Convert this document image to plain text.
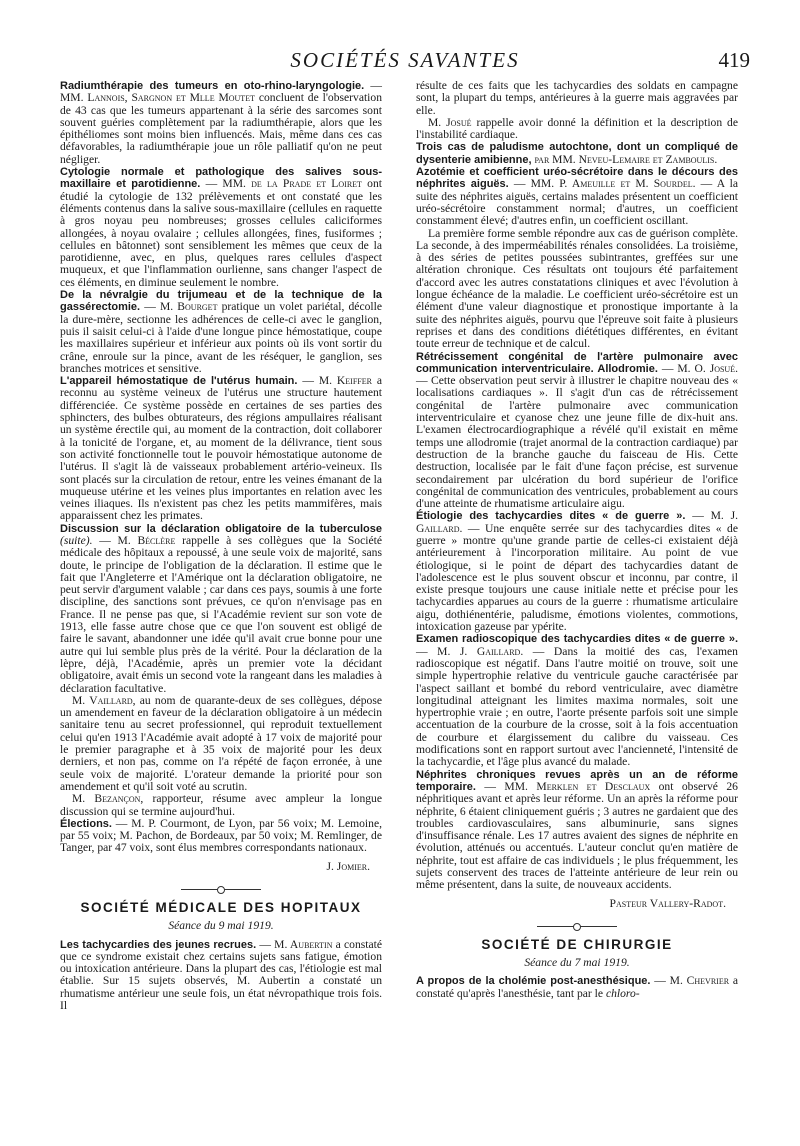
SOCIÉTÉS SAVANTES	419

Radiumthérapie des tumeurs en oto-rhino-laryngologie. — MM. Lannois, Sargnon et Mlle Moutet concluent de l'observation de 43 cas que les tumeurs appartenant à la série des sarcomes sont souvent guéries complètement par la radiumthérapie, alors que les épithéliomes sont moins bien influencés. Mais, même dans ces cas défavorables, la radiumthérapie joue un rôle palliatif qu'on ne peut négliger.

Cytologie normale et pathologique des salives sous-maxillaire et parotidienne. — MM. de la Prade et Loiret ont étudié la cytologie de 132 prélèvements et ont constaté que les éléments contenus dans la salive sous-maxillaire (cellules en raquette à gros noyau peu nombreuses; grosses cellules caliciformes allongées, à noyau ovalaire ; cellules allongées, fines, fusiformes ; cellules en bâtonnet) sont sensiblement les mêmes que ceux de la parotidienne, avec, en plus, quelques rares cellules d'aspect muqueux, et que l'inflammation ourlienne, sans changer l'aspect de ces éléments, en diminue seulement le nombre.

De la névralgie du trijumeau et de la technique de la gassérectomie. — M. Bourget pratique un volet pariétal, décolle la dure-mère, sectionne les adhérences de celle-ci avec le ganglion, puis il saisit celui-ci à l'aide d'une longue pince hémostatique, coupe les maxillaires supérieur et inférieur aux points où ils vont sortir du crâne, enroule sur la pince, avant de les réséquer, le ganglion, ses branches motrices et sensitive.

L'appareil hémostatique de l'utérus humain. — M. Keiffer a reconnu au système veineux de l'utérus une structure hautement différenciée. Ce système possède en certaines de ses parties des sphincters, des bulbes obturateurs, des régions ampullaires réalisant un système érectile qui, au moment de la contraction, doit collaborer à la tonicité de l'organe, et, au moment de la délivrance, tient sous son activité fonctionnelle tout le pouvoir hémostatique autonome de l'utérus. Il s'agit là de vaisseaux probablement artério-veineux. Ils sont placés sur la circulation de retour, entre les veines émanant de la muqueuse utérine et les veines plus importantes en relation avec les veines iliaques. Ils n'existent pas chez les petits mammifères, mais apparaissent chez les primates.

Discussion sur la déclaration obligatoire de la tuberculose (suite). — M. Béclère rappelle à ses collègues que la Société médicale des hôpitaux a repoussé, à une seule voix de majorité, sans doute, le principe de l'obligation de la déclaration. Il estime que le fait que l'Angleterre et l'Amérique ont la déclaration obligatoire, ne peut servir d'argument valable ; car dans ces pays, soumis à une forte discipline, des sanctions sont prévues, ce qu'on n'envisage pas en France. Il ne pense pas que, si l'Académie revient sur son vote de 1913, elle fasse autre chose que ce que l'on souvent est obligé de faire le savant, abandonner une idée qu'il avait crue bonne pour une autre qui lui semble plus près de la vérité. Pour la déclaration de la lèpre, déjà, l'Académie, après un premier vote la décidant obligatoire, avait émis un second vote la rangeant dans les maladies à déclaration facultative.

M. Vaillard, au nom de quarante-deux de ses collègues, dépose un amendement en faveur de la déclaration obligatoire à un médecin sanitaire tenu au secret professionnel, qui reproduit textuellement celui qu'en 1913 l'Académie avait adopté à 17 voix de majorité pour le premier paragraphe et à 35 voix de majorité pour les deux derniers, et non pas, comme on l'a répété de façon erronée, à une seule voix de majorité. L'orateur demande la priorité pour son amendement et qu'il soit voté au scrutin.

M. Bezançon, rapporteur, résume avec ampleur la longue discussion qui se termine aujourd'hui.

Élections. — M. P. Courmont, de Lyon, par 56 voix; M. Lemoine, par 55 voix; M. Pachon, de Bordeaux, par 50 voix; M. Remlinger, de Tanger, par 47 voix, sont élus membres correspondants nationaux.

J. Jomier.
SOCIÉTÉ MÉDICALE DES HOPITAUX
Séance du 9 mai 1919.

Les tachycardies des jeunes recrues. — M. Aubertin a constaté que ce syndrome existait chez certains sujets sans fatigue, émotion ou intoxication antérieure. Dans la plupart des cas, l'étiologie est mal établie. Sur 15 sujets observés, M. Aubertin a constaté un rhumatisme antérieur une seule fois, un état névropathique trois fois. Il

résulte de ces faits que les tachycardies des soldats en campagne sont, la plupart du temps, antérieures à la guerre mais aggravées par elle.

M. Josué rappelle avoir donné la définition et la description de l'instabilité cardiaque.

Trois cas de paludisme autochtone, dont un compliqué de dysenterie amibienne, par MM. Neveu-Lemaire et Zamboulis.

Azotémie et coefficient uréo-sécrétoire dans le décours des néphrites aiguës. — MM. P. Ameuille et M. Sourdel. — A la suite des néphrites aiguës, certains malades présentent un coefficient uréo-sécrétoire constamment normal; d'autres, un coefficient constamment élevé; d'autres enfin, un coefficient oscillant.

La première forme semble répondre aux cas de guérison complète. La seconde, à des imperméabilités rénales consolidées. La troisième, à des séries de petites poussées subintrantes, greffées sur une altération chronique. Ces résultats ont toujours été parfaitement d'accord avec les autres constatations cliniques et avec l'évolution à longue échéance de la maladie. Le coefficient uréo-sécrétoire est un élément d'une valeur diagnostique et pronostique importante à la suite des néphrites aiguës, pourvu que l'épreuve soit faite à plusieurs reprises et dans des conditions diététiques différentes, en évitant toute erreur de technique et de calcul.

Rétrécissement congénital de l'artère pulmonaire avec communication interventriculaire. Allodromie. — M. O. Josué. — Cette observation peut servir à illustrer le chapitre nouveau des « localisations cardiaques ». Il s'agit d'un cas de rétrécissement congénital de l'artère pulmonaire avec communication interventriculaire et cyanose chez une jeune fille de dix-huit ans. L'examen électrocardiographique a révélé qu'il existait en même temps une allodromie (trajet anormal de la contraction cardiaque) par destruction de la branche gauche du faisceau de His. Cette destruction, localisée par le fait d'une façon précise, est survenue secondairement par ulcération du bord supérieur de l'orifice congénital de communication des ventricules, probablement au cours d'une atteinte de rhumatisme articulaire aigu.

Étiologie des tachycardies dites « de guerre ». — M. J. Gaillard. — Une enquête serrée sur des tachycardies dites « de guerre » montre qu'une grande partie de celles-ci existaient déjà antérieurement à l'incorporation militaire. Au point de vue étiologique, si le point de départ des tachycardies datant de l'adolescence est le plus souvent obscur et inconnu, par contre, il existe presque toujours une cause initiale nette et précise pour les tachycardies apparues au cours de la guerre : rhumatisme articulaire aigu, dothiénentérie, paludisme, émotions violentes, commotions, intoxication gazeuse par ypérite.

Examen radioscopique des tachycardies dites « de guerre ». — M. J. Gaillard. — Dans la moitié des cas, l'examen radioscopique est négatif. Dans l'autre moitié on trouve, soit une simple hypertrophie relative du ventricule gauche caractérisée par l'aspect saillant et bombé du rebord ventriculaire, avec diamètre longitudinal atteignant les limites maxima normales, soit une hypertrophie vraie ; en outre, l'aorte présente parfois soit une simple accentuation de la courbure de la crosse, soit à la fois accentuation de courbure et élargissement du calibre du vaisseau. Ces modifications sont en rapport surtout avec l'ancienneté, l'intensité de la tachycardie, et l'âge plus avancé du malade.

Néphrites chroniques revues après un an de réforme temporaire. — MM. Merklen et Desclaux ont observé 26 néphritiques avant et après leur réforme. Un an après la réforme pour néphrite, 6 étaient cliniquement guéris ; 3 autres ne gardaient que des troubles cardiovasculaires, sans albuminurie, sans signes d'insuffisance rénale. Les 17 autres avaient des signes de néphrite en évolution, atténués ou accentués. L'auteur conclut qu'en matière de néphrite, tout est affaire de cas individuels ; le plus fréquemment, les sujets conservent des traces de l'atteinte antérieure de leur rein ou même présentent, dans la suite, de nouveaux accidents.

Pasteur Vallery-Radot.
SOCIÉTÉ DE CHIRURGIE
Séance du 7 mai 1919.

A propos de la cholémie post-anesthésique. — M. Chevrier a constaté qu'après l'anesthésie, tant par le chloro-
